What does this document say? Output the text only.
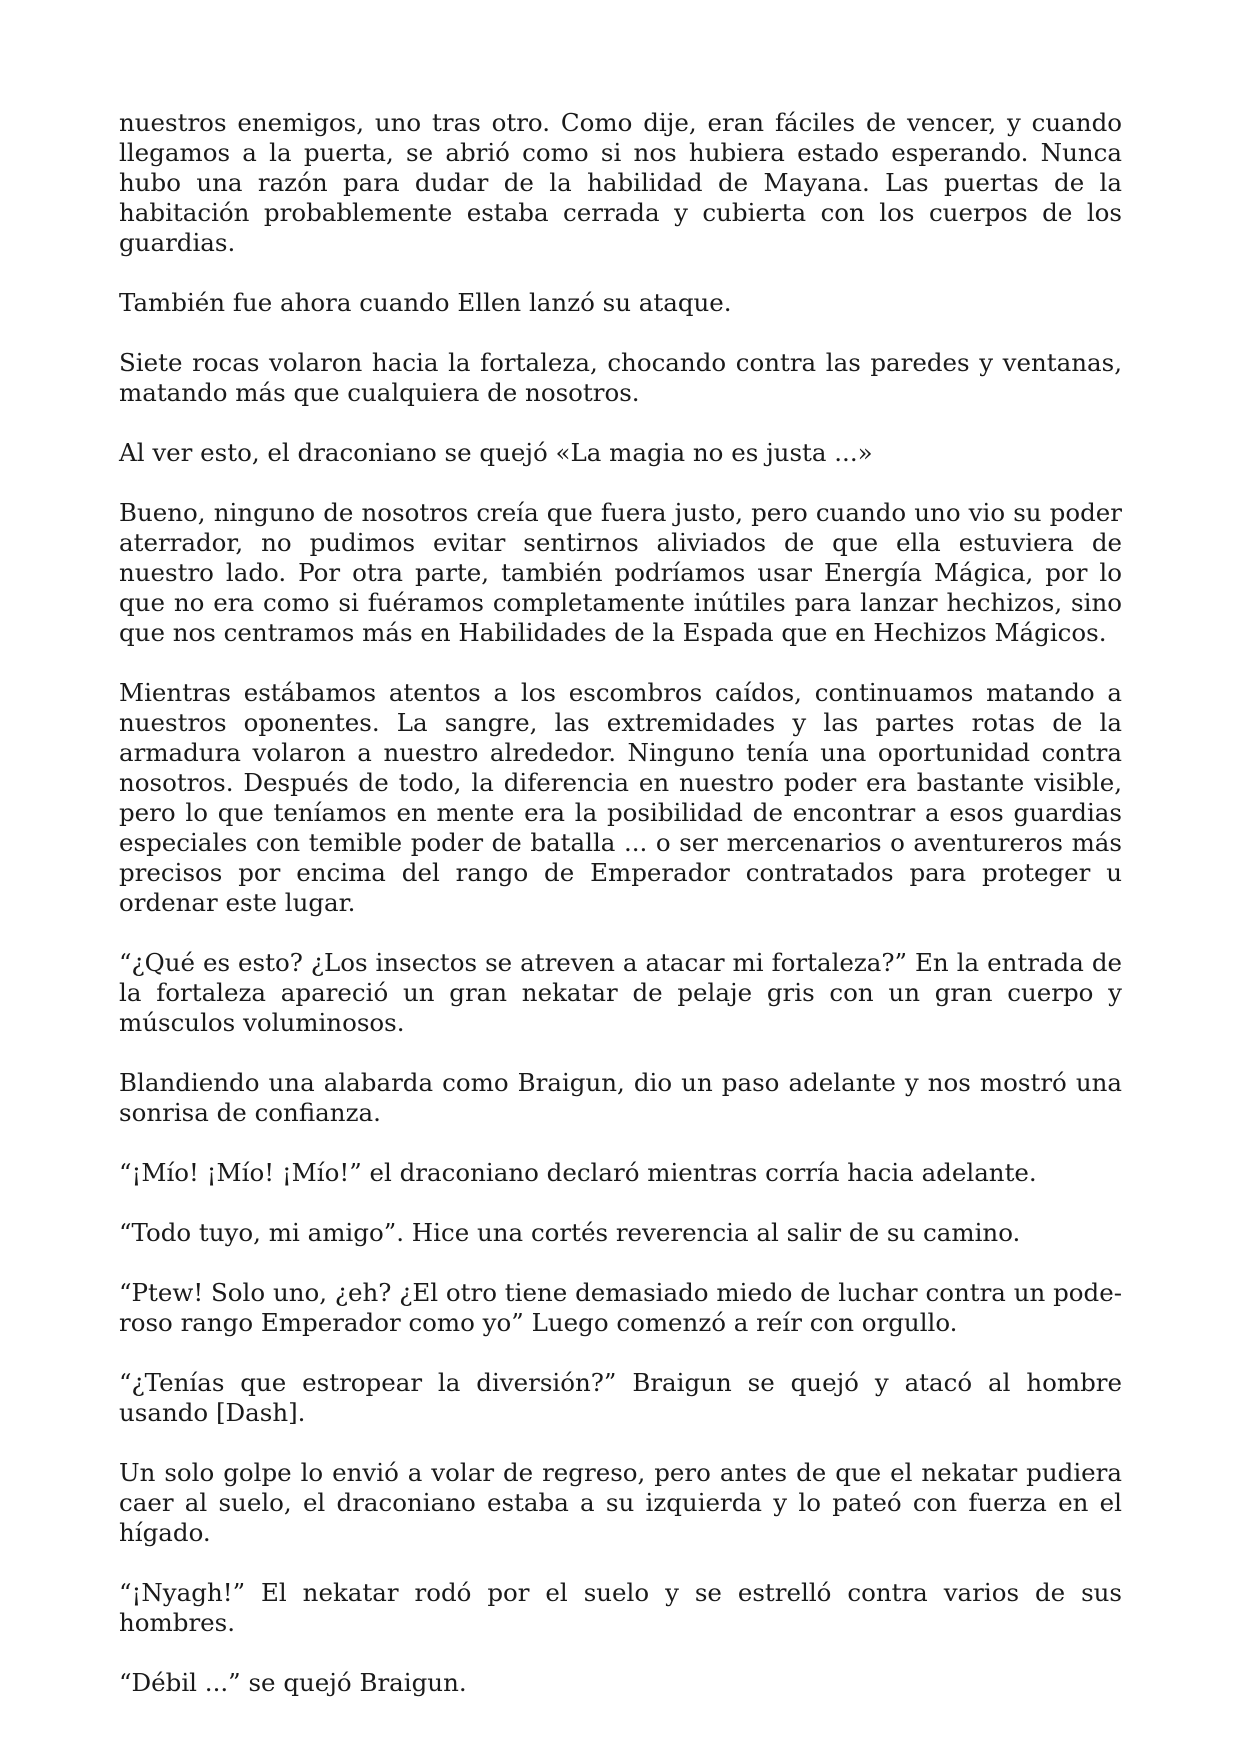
nuestros enemigos, uno tras otro. Como dije, eran fáciles de vencer, y cuando llegamos a la puerta, se abrió como si nos hubiera estado esperando. Nunca hubo una razón para dudar de la habilidad de Mayana. Las puertas de la habitación probablemente estaba cerrada y cubierta con los cuerpos de los guardias.

También fue ahora cuando Ellen lanzó su ataque.

Siete rocas volaron hacia la fortaleza, chocando contra las paredes y ventanas, matando más que cualquiera de nosotros.

Al ver esto, el draconiano se quejó «La magia no es justa ...»

Bueno, ninguno de nosotros creía que fuera justo, pero cuando uno vio su poder aterrador, no pudimos evitar sentirnos aliviados de que ella estuviera de nuestro lado. Por otra parte, también podríamos usar Energía Mágica, por lo que no era como si fuéramos completamente inútiles para lanzar hechizos, sino que nos centramos más en Habilidades de la Espada que en Hechizos Mágicos.

Mientras estábamos atentos a los escombros caídos, continuamos matando a nuestros oponentes. La sangre, las extremidades y las partes rotas de la armadura volaron a nuestro alrededor. Ninguno tenía una oportunidad contra nosotros. Después de todo, la diferencia en nuestro poder era bastante visible, pero lo que teníamos en mente era la posibilidad de encontrar a esos guardias especiales con temible poder de batalla ... o ser mercenarios o aventureros más precisos por encima del rango de Emperador contratados para proteger u ordenar este lugar.

“¿Qué es esto? ¿Los insectos se atreven a atacar mi fortaleza?” En la entrada de la fortaleza apareció un gran nekatar de pelaje gris con un gran cuerpo y músculos voluminosos.

Blandiendo una alabarda como Braigun, dio un paso adelante y nos mostró una sonrisa de confianza.

“¡Mío! ¡Mío! ¡Mío!” el draconiano declaró mientras corría hacia adelante.

“Todo tuyo, mi amigo”. Hice una cortés reverencia al salir de su camino.

“Ptew! Solo uno, ¿eh? ¿El otro tiene demasiado miedo de luchar contra un poderoso rango Emperador como yo” Luego comenzó a reír con orgullo.

“¿Tenías que estropear la diversión?” Braigun se quejó y atacó al hombre usando [Dash].

Un solo golpe lo envió a volar de regreso, pero antes de que el nekatar pudiera caer al suelo, el draconiano estaba a su izquierda y lo pateó con fuerza en el hígado.

“¡Nyagh!” El nekatar rodó por el suelo y se estrelló contra varios de sus hombres.

“Débil ...” se quejó Braigun.
